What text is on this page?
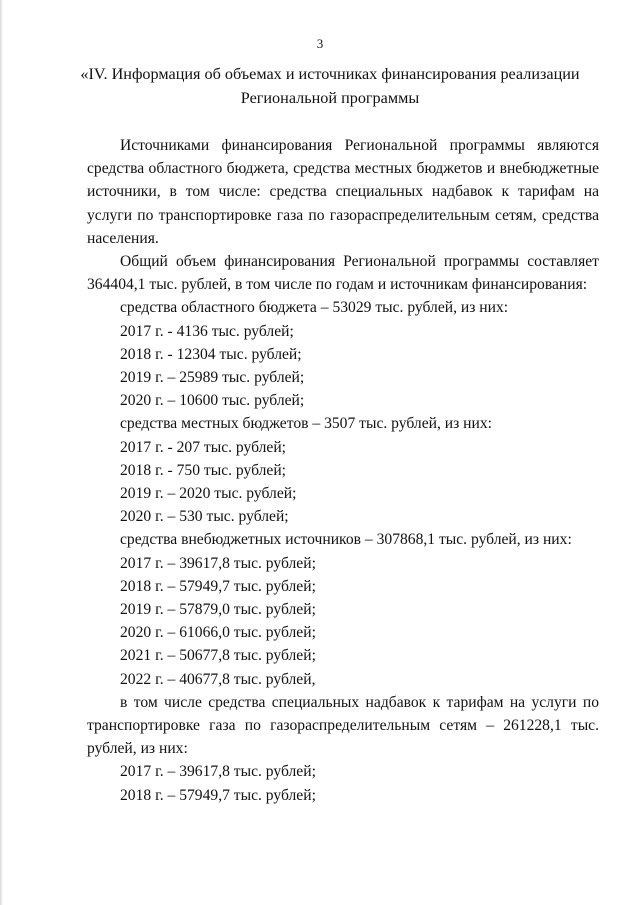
3
«IV. Информация об объемах и источниках финансирования реализации Региональной программы

Источниками финансирования Региональной программы являются средства областного бюджета, средства местных бюджетов и внебюджетные источники, в том числе: средства специальных надбавок к тарифам на услуги по транспортировке газа по газораспределительным сетям, средства населения.

Общий объем финансирования Региональной программы составляет 364404,1 тыс. рублей, в том числе по годам и источникам финансирования:

средства областного бюджета – 53029 тыс. рублей, из них:
2017 г. - 4136 тыс. рублей;
2018 г. - 12304 тыс. рублей;
2019 г. – 25989 тыс. рублей;
2020 г. – 10600 тыс. рублей;
средства местных бюджетов – 3507 тыс. рублей, из них:
2017 г. - 207 тыс. рублей;
2018 г. - 750 тыс. рублей;
2019 г. – 2020 тыс. рублей;
2020 г. – 530 тыс. рублей;
средства внебюджетных источников – 307868,1 тыс. рублей, из них:
2017 г. – 39617,8 тыс. рублей;
2018 г. – 57949,7 тыс. рублей;
2019 г. – 57879,0 тыс. рублей;
2020 г. – 61066,0 тыс. рублей;
2021 г. – 50677,8 тыс. рублей;
2022 г. – 40677,8 тыс. рублей,

в том числе средства специальных надбавок к тарифам на услуги по транспортировке газа по газораспределительным сетям – 261228,1 тыс. рублей, из них:

2017 г. – 39617,8 тыс. рублей;
2018 г. – 57949,7 тыс. рублей;
